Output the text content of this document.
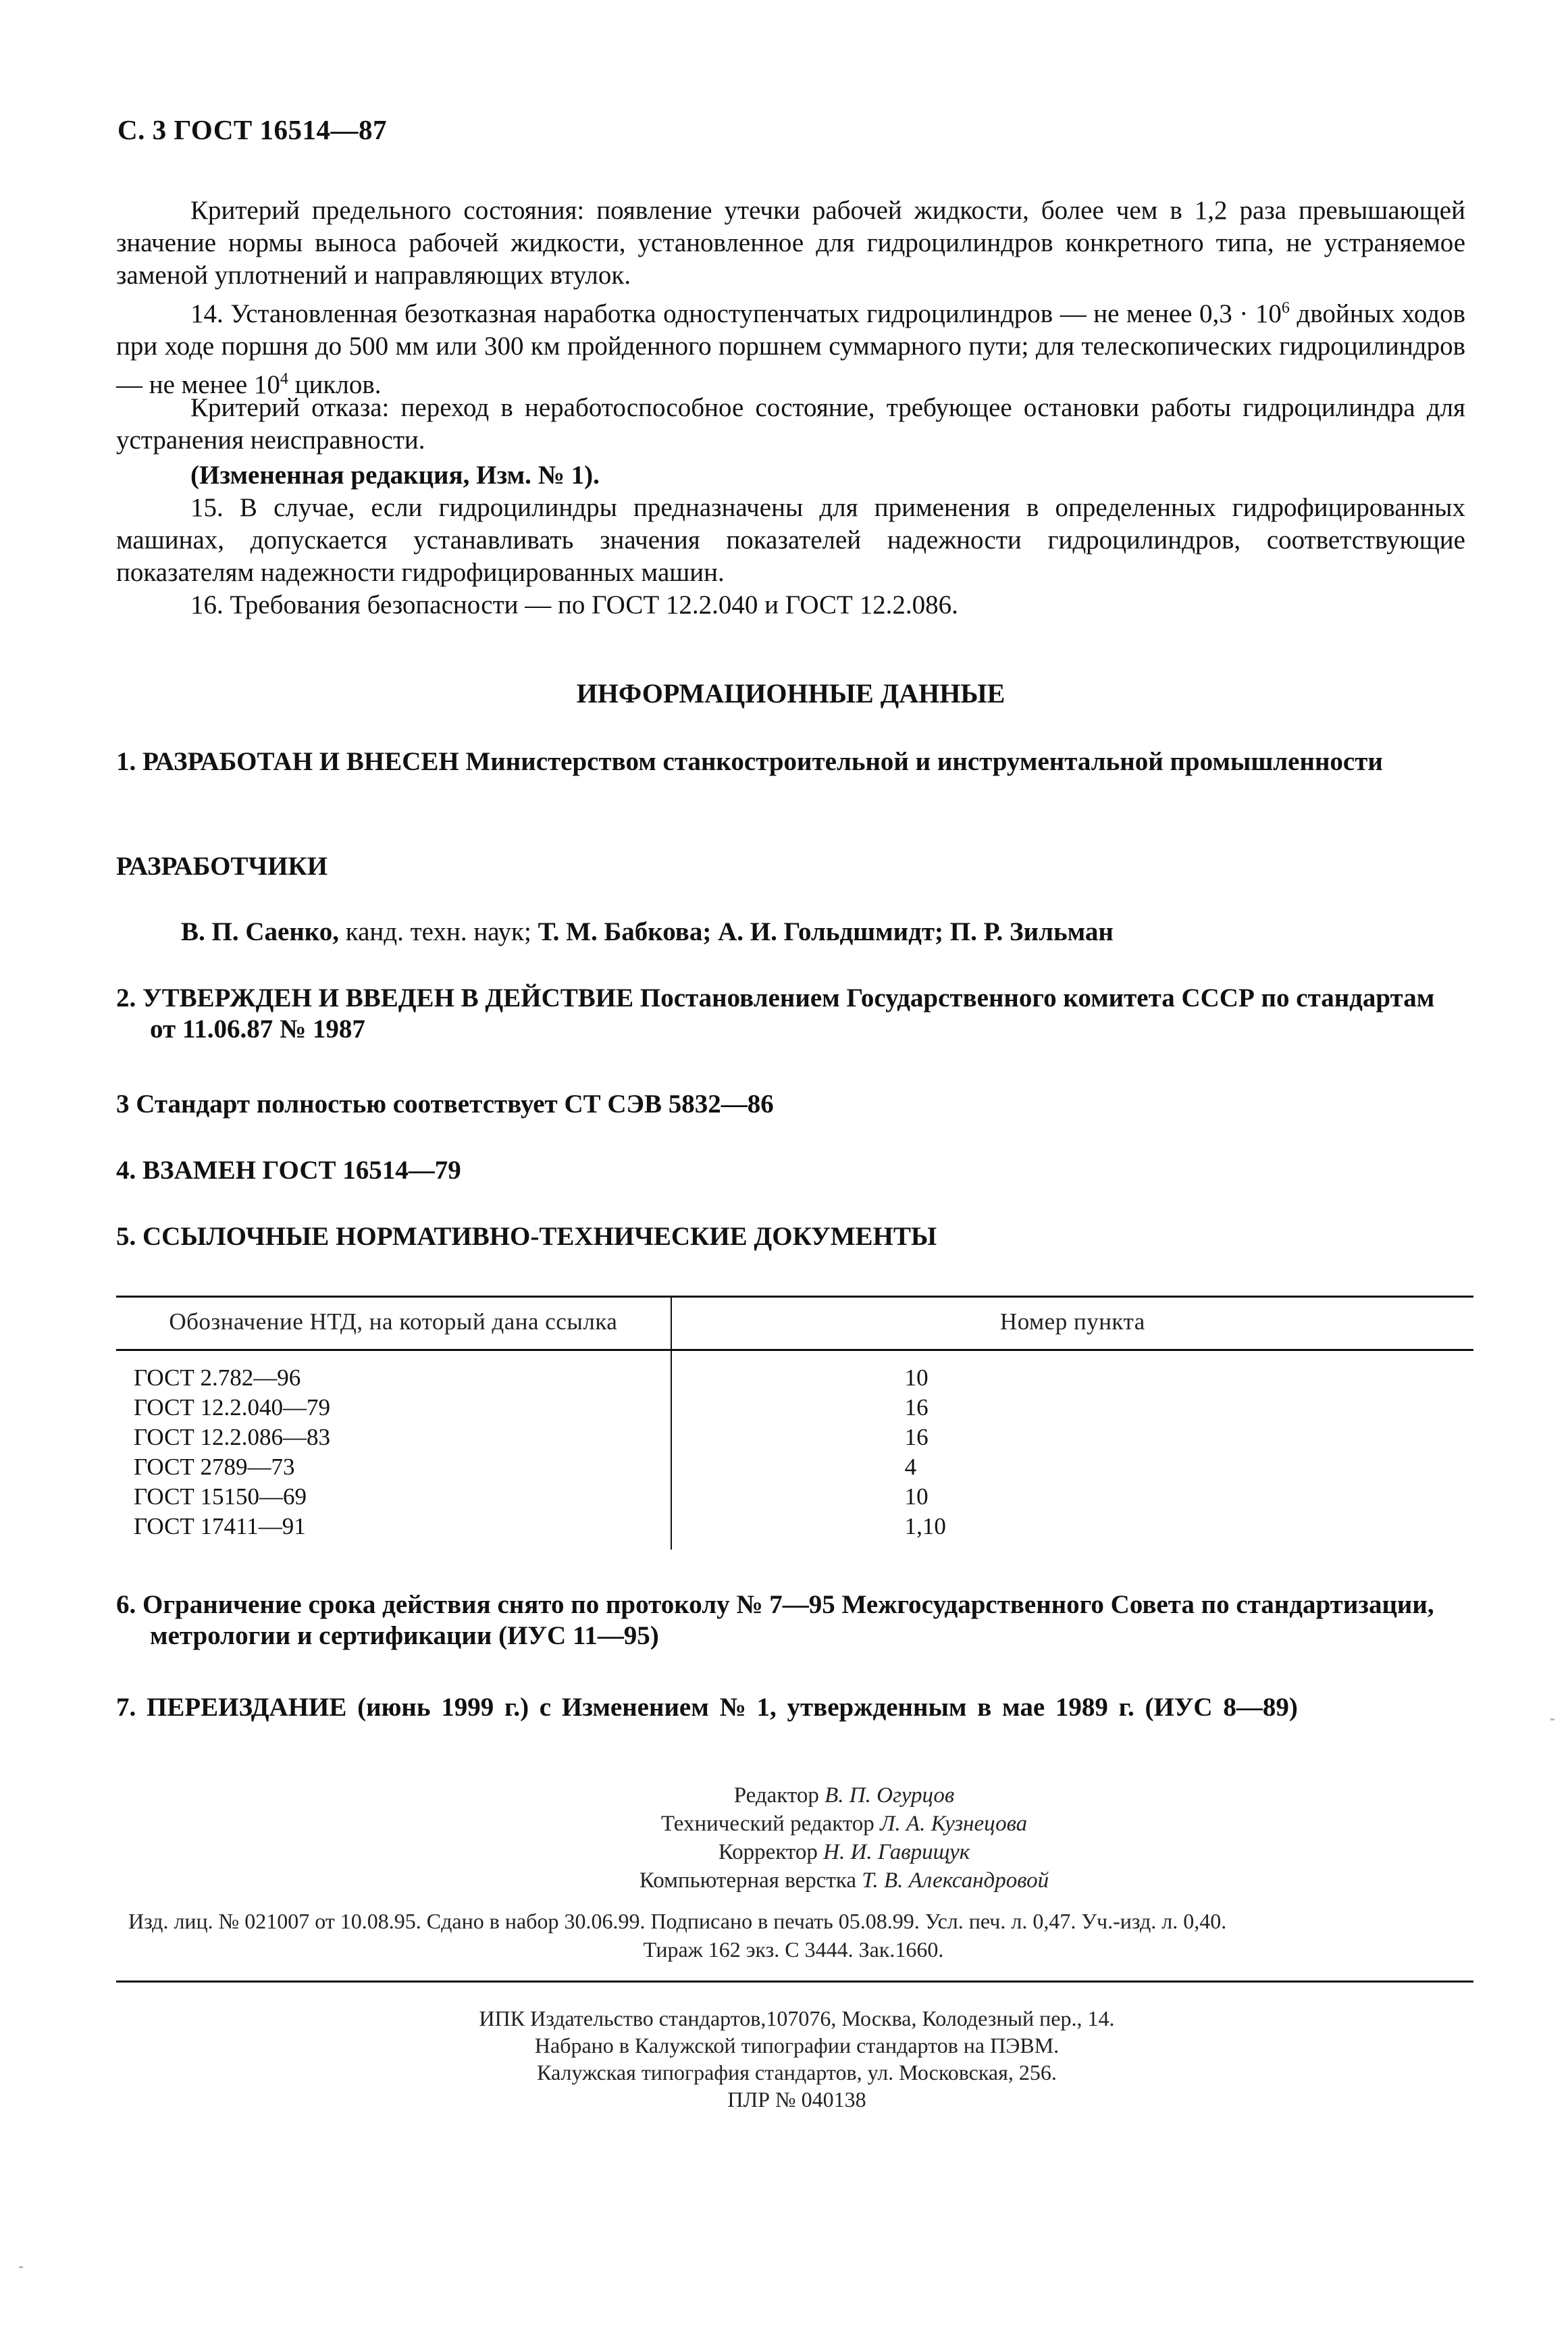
С. 3 ГОСТ 16514—87

Критерий предельного состояния: появление утечки рабочей жидкости, более чем в 1,2 раза превышающей значение нормы выноса рабочей жидкости, установленное для гидроцилиндров конкретного типа, не устраняемое заменой уплотнений и направляющих втулок.

14. Установленная безотказная наработка одноступенчатых гидроцилиндров — не менее $0,3 \cdot 10^6$ двойных ходов при ходе поршня до 500 мм или 300 км пройденного поршнем суммарного пути; для телескопических гидроцилиндров — не менее $10^4$ циклов.

Критерий отказа: переход в неработоспособное состояние, требующее остановки работы гидроцилиндра для устранения неисправности.

(Измененная редакция, Изм. № 1).

15. В случае, если гидроцилиндры предназначены для применения в определенных гидрофицированных машинах, допускается устанавливать значения показателей надежности гидроцилиндров, соответствующие показателям надежности гидрофицированных машин.

16. Требования безопасности — по ГОСТ 12.2.040 и ГОСТ 12.2.086.

ИНФОРМАЦИОННЫЕ ДАННЫЕ
1. РАЗРАБОТАН И ВНЕСЕН Министерством станкостроительной и инструментальной промышленности
РАЗРАБОТЧИКИ
В. П. Саенко, канд. техн. наук; Т. М. Бабкова; А. И. Гольдшмидт; П. Р. Зильман
2. УТВЕРЖДЕН И ВВЕДЕН В ДЕЙСТВИЕ Постановлением Государственного комитета СССР по стандартам от 11.06.87 № 1987
3 Стандарт полностью соответствует СТ СЭВ 5832—86
4. ВЗАМЕН ГОСТ 16514—79
5. ССЫЛОЧНЫЕ НОРМАТИВНО-ТЕХНИЧЕСКИЕ ДОКУМЕНТЫ
Обозначение НТД, на который дана ссылка	Номер пункта
ГОСТ 2.782—96	10
ГОСТ 12.2.040—79	16
ГОСТ 12.2.086—83	16
ГОСТ 2789—73	4
ГОСТ 15150—69	10
ГОСТ 17411—91	1,10
6. Ограничение срока действия снято по протоколу № 7—95 Межгосударственного Совета по стандартизации, метрологии и сертификации (ИУС 11—95)
7. ПЕРЕИЗДАНИЕ (июнь 1999 г.) с Изменением № 1, утвержденным в мае 1989 г. (ИУС 8—89)
Редактор В. П. Огурцов
Технический редактор Л. А. Кузнецова
Корректор Н. И. Гаврищук
Компьютерная верстка Т. В. Александровой
Изд. лиц. № 021007 от 10.08.95. Сдано в набор 30.06.99. Подписано в печать 05.08.99. Усл. печ. л. 0,47. Уч.-изд. л. 0,40.
Тираж 162 экз. С 3444. Зак.1660.
ИПК Издательство стандартов,107076, Москва, Колодезный пер., 14.
Набрано в Калужской типографии стандартов на ПЭВМ.
Калужская типография стандартов, ул. Московская, 256.
ПЛР № 040138
